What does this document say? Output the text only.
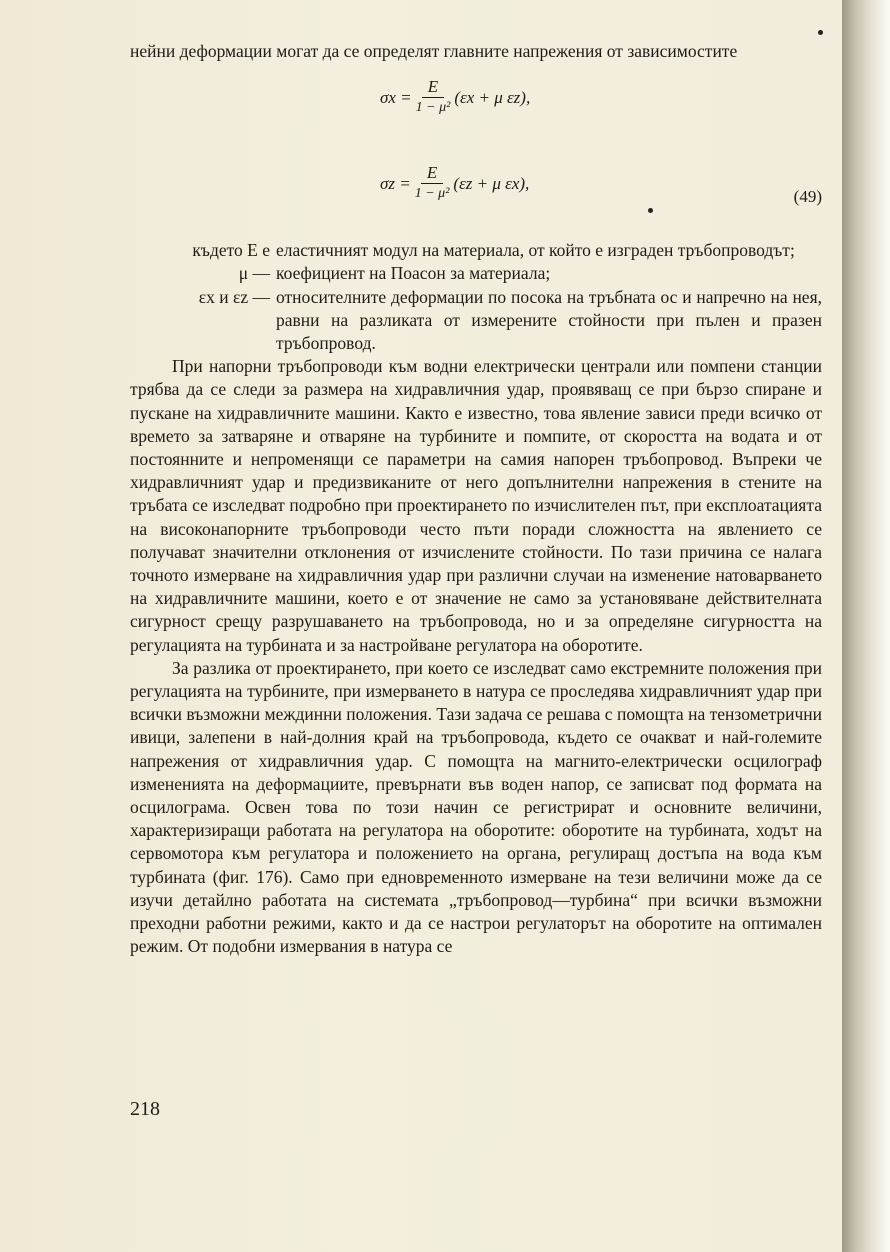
нейни деформации могат да се определят главните напрежения от зависимостите

$\sigma x = \frac{E}{\text{1 − μ²}} (\varepsilon x + \mu$ εz),
$\sigma z = \frac{E}{\text{1 − μ²}} (\varepsilon z + \mu$ εx),
(49)
където E е еластичният модул на материала, от който е изграден тръбопроводът;
μ — коефициент на Поасон за материала;
εx и εz — относителните деформации по посока на тръбната ос и напречно на нея, равни на разликата от измерените стойности при пълен и празен тръбопровод.

При напорни тръбопроводи към водни електрически централи или помпени станции трябва да се следи за размера на хидравличния удар, проявяващ се при бързо спиране и пускане на хидравличните машини. Както е известно, това явление зависи преди всичко от времето за затваряне и отваряне на турбините и помпите, от скоростта на водата и от постоянните и непроменящи се параметри на самия напорен тръбопровод. Въпреки че хидравличният удар и предизвиканите от него допълнителни напрежения в стените на тръбата се изследват подробно при проектирането по изчислителен път, при експлоатацията на високонапорните тръбопроводи често пъти поради сложността на явлението се получават значителни отклонения от изчислените стойности. По тази причина се налага точното измерване на хидравличния удар при различни случаи на изменение натоварването на хидравличните машини, което е от значение не само за установяване действителната сигурност срещу разрушаването на тръбопровода, но и за определяне сигурността на регулацията на турбината и за настройване регулатора на оборотите.

За разлика от проектирането, при което се изследват само екстремните положения при регулацията на турбините, при измерването в натура се проследява хидравличният удар при всички възможни междинни положения. Тази задача се решава с помощта на тензометрични ивици, залепени в най-долния край на тръбопровода, където се очакват и най-големите напрежения от хидравличния удар. С помощта на магнито-електрически осцилограф измененията на деформациите, превърнати във воден напор, се записват под формата на осцилограма. Освен това по този начин се регистрират и основните величини, характеризиращи работата на регулатора на оборотите: оборотите на турбината, ходът на сервомотора към регулатора и положението на органа, регулиращ достъпа на вода към турбината (фиг. 176). Само при едновременното измерване на тези величини може да се изучи детайлно работата на системата „тръбопровод—турбина“ при всички възможни преходни работни режими, както и да се настрои регулаторът на оборотите на оптимален режим. От подобни измервания в натура се

218
